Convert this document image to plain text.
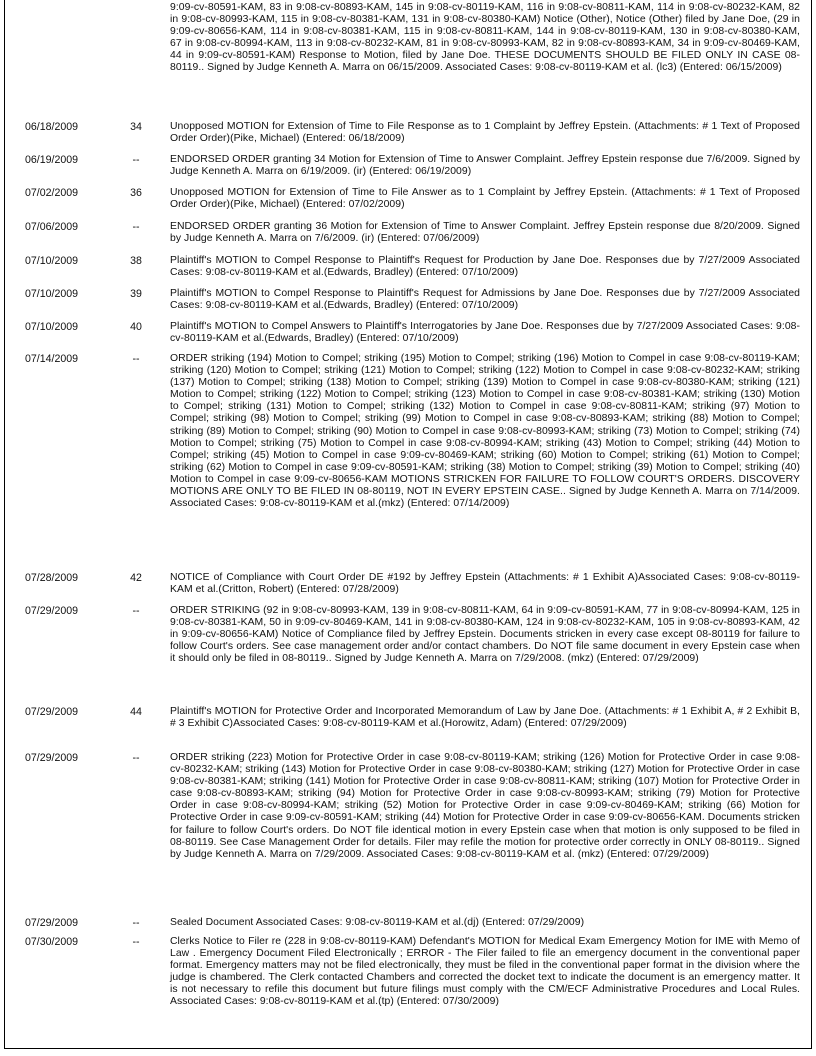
9:09-cv-80591-KAM, 83 in 9:08-cv-80893-KAM, 145 in 9:08-cv-80119-KAM, 116 in 9:08-cv-80811-KAM, 114 in 9:08-cv-80232-KAM, 82 in 9:08-cv-80993-KAM, 115 in 9:08-cv-80381-KAM, 131 in 9:08-cv-80380-KAM) Notice (Other), Notice (Other) filed by Jane Doe, (29 in 9:09-cv-80656-KAM, 114 in 9:08-cv-80381-KAM, 115 in 9:08-cv-80811-KAM, 144 in 9:08-cv-80119-KAM, 130 in 9:08-cv-80380-KAM, 67 in 9:08-cv-80994-KAM, 113 in 9:08-cv-80232-KAM, 81 in 9:08-cv-80993-KAM, 82 in 9:08-cv-80893-KAM, 34 in 9:09-cv-80469-KAM, 44 in 9:09-cv-80591-KAM) Response to Motion, filed by Jane Doe. THESE DOCUMENTS SHOULD BE FILED ONLY IN CASE 08-80119.. Signed by Judge Kenneth A. Marra on 06/15/2009. Associated Cases: 9:08-cv-80119-KAM et al. (lc3) (Entered: 06/15/2009)
06/18/2009	34	Unopposed MOTION for Extension of Time to File Response as to 1 Complaint by Jeffrey Epstein. (Attachments: # 1 Text of Proposed Order Order)(Pike, Michael) (Entered: 06/18/2009)
06/19/2009	--	ENDORSED ORDER granting 34 Motion for Extension of Time to Answer Complaint. Jeffrey Epstein response due 7/6/2009. Signed by Judge Kenneth A. Marra on 6/19/2009. (ir) (Entered: 06/19/2009)
07/02/2009	36	Unopposed MOTION for Extension of Time to File Answer as to 1 Complaint by Jeffrey Epstein. (Attachments: # 1 Text of Proposed Order Order)(Pike, Michael) (Entered: 07/02/2009)
07/06/2009	--	ENDORSED ORDER granting 36 Motion for Extension of Time to Answer Complaint. Jeffrey Epstein response due 8/20/2009. Signed by Judge Kenneth A. Marra on 7/6/2009. (ir) (Entered: 07/06/2009)
07/10/2009	38	Plaintiff's MOTION to Compel Response to Plaintiff's Request for Production by Jane Doe. Responses due by 7/27/2009 Associated Cases: 9:08-cv-80119-KAM et al.(Edwards, Bradley) (Entered: 07/10/2009)
07/10/2009	39	Plaintiff's MOTION to Compel Response to Plaintiff's Request for Admissions by Jane Doe. Responses due by 7/27/2009 Associated Cases: 9:08-cv-80119-KAM et al.(Edwards, Bradley) (Entered: 07/10/2009)
07/10/2009	40	Plaintiff's MOTION to Compel Answers to Plaintiff's Interrogatories by Jane Doe. Responses due by 7/27/2009 Associated Cases: 9:08-cv-80119-KAM et al.(Edwards, Bradley) (Entered: 07/10/2009)
07/14/2009	--	ORDER striking (194) Motion to Compel; striking (195) Motion to Compel; striking (196) Motion to Compel in case 9:08-cv-80119-KAM; striking (120) Motion to Compel; striking (121) Motion to Compel; striking (122) Motion to Compel in case 9:08-cv-80232-KAM; striking (137) Motion to Compel; striking (138) Motion to Compel; striking (139) Motion to Compel in case 9:08-cv-80380-KAM; striking (121) Motion to Compel; striking (122) Motion to Compel; striking (123) Motion to Compel in case 9:08-cv-80381-KAM; striking (130) Motion to Compel; striking (131) Motion to Compel; striking (132) Motion to Compel in case 9:08-cv-80811-KAM; striking (97) Motion to Compel; striking (98) Motion to Compel; striking (99) Motion to Compel in case 9:08-cv-80893-KAM; striking (88) Motion to Compel; striking (89) Motion to Compel; striking (90) Motion to Compel in case 9:08-cv-80993-KAM; striking (73) Motion to Compel; striking (74) Motion to Compel; striking (75) Motion to Compel in case 9:08-cv-80994-KAM; striking (43) Motion to Compel; striking (44) Motion to Compel; striking (45) Motion to Compel in case 9:09-cv-80469-KAM; striking (60) Motion to Compel; striking (61) Motion to Compel; striking (62) Motion to Compel in case 9:09-cv-80591-KAM; striking (38) Motion to Compel; striking (39) Motion to Compel; striking (40) Motion to Compel in case 9:09-cv-80656-KAM MOTIONS STRICKEN FOR FAILURE TO FOLLOW COURT'S ORDERS. DISCOVERY MOTIONS ARE ONLY TO BE FILED IN 08-80119, NOT IN EVERY EPSTEIN CASE.. Signed by Judge Kenneth A. Marra on 7/14/2009. Associated Cases: 9:08-cv-80119-KAM et al.(mkz) (Entered: 07/14/2009)
07/28/2009	42	NOTICE of Compliance with Court Order DE #192 by Jeffrey Epstein (Attachments: # 1 Exhibit A)Associated Cases: 9:08-cv-80119-KAM et al.(Critton, Robert) (Entered: 07/28/2009)
07/29/2009	--	ORDER STRIKING (92 in 9:08-cv-80993-KAM, 139 in 9:08-cv-80811-KAM, 64 in 9:09-cv-80591-KAM, 77 in 9:08-cv-80994-KAM, 125 in 9:08-cv-80381-KAM, 50 in 9:09-cv-80469-KAM, 141 in 9:08-cv-80380-KAM, 124 in 9:08-cv-80232-KAM, 105 in 9:08-cv-80893-KAM, 42 in 9:09-cv-80656-KAM) Notice of Compliance filed by Jeffrey Epstein. Documents stricken in every case except 08-80119 for failure to follow Court's orders. See case management order and/or contact chambers. Do NOT file same document in every Epstein case when it should only be filed in 08-80119.. Signed by Judge Kenneth A. Marra on 7/29/2008. (mkz) (Entered: 07/29/2009)
07/29/2009	44	Plaintiff's MOTION for Protective Order and Incorporated Memorandum of Law by Jane Doe. (Attachments: # 1 Exhibit A, # 2 Exhibit B, # 3 Exhibit C)Associated Cases: 9:08-cv-80119-KAM et al.(Horowitz, Adam) (Entered: 07/29/2009)
07/29/2009	--	ORDER striking (223) Motion for Protective Order in case 9:08-cv-80119-KAM; striking (126) Motion for Protective Order in case 9:08-cv-80232-KAM; striking (143) Motion for Protective Order in case 9:08-cv-80380-KAM; striking (127) Motion for Protective Order in case 9:08-cv-80381-KAM; striking (141) Motion for Protective Order in case 9:08-cv-80811-KAM; striking (107) Motion for Protective Order in case 9:08-cv-80893-KAM; striking (94) Motion for Protective Order in case 9:08-cv-80993-KAM; striking (79) Motion for Protective Order in case 9:08-cv-80994-KAM; striking (52) Motion for Protective Order in case 9:09-cv-80469-KAM; striking (66) Motion for Protective Order in case 9:09-cv-80591-KAM; striking (44) Motion for Protective Order in case 9:09-cv-80656-KAM. Documents stricken for failure to follow Court's orders. Do NOT file identical motion in every Epstein case when that motion is only supposed to be filed in 08-80119. See Case Management Order for details. Filer may refile the motion for protective order correctly in ONLY 08-80119.. Signed by Judge Kenneth A. Marra on 7/29/2009. Associated Cases: 9:08-cv-80119-KAM et al. (mkz) (Entered: 07/29/2009)
07/29/2009	--	Sealed Document Associated Cases: 9:08-cv-80119-KAM et al.(dj) (Entered: 07/29/2009)
07/30/2009	--	Clerks Notice to Filer re (228 in 9:08-cv-80119-KAM) Defendant's MOTION for Medical Exam Emergency Motion for IME with Memo of Law . Emergency Document Filed Electronically ; ERROR - The Filer failed to file an emergency document in the conventional paper format. Emergency matters may not be filed electronically, they must be filed in the conventional paper format in the division where the judge is chambered. The Clerk contacted Chambers and corrected the docket text to indicate the document is an emergency matter. It is not necessary to refile this document but future filings must comply with the CM/ECF Administrative Procedures and Local Rules. Associated Cases: 9:08-cv-80119-KAM et al.(tp) (Entered: 07/30/2009)
